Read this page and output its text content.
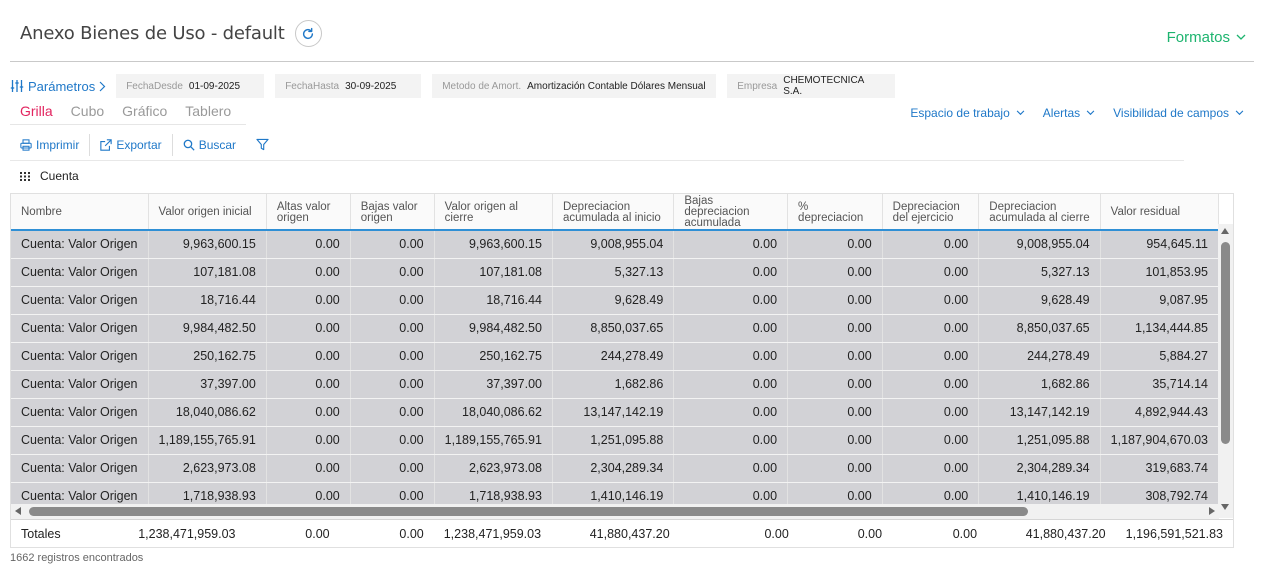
Anexo Bienes de Uso - default	Formatos
Parámetros	FechaDesde 01-09-2025	FechaHasta 30-09-2025	Metodo de Amort. Amortización Contable Dólares Mensual	Empresa CHEMOTECNICA S.A.
Grilla Cubo Gráfico Tablero	Espacio de trabajo	Alertas	Visibilidad de campos
Imprimir	Exportar	Buscar
Cuenta
Nombre	Valor origen inicial	Altas valor origen	Bajas valor origen	Valor origen al cierre	Depreciacion acumulada al inicio	Bajas depreciacion acumulada	% depreciacion	Depreciacion del ejercicio	Depreciacion acumulada al cierre	Valor residual
Cuenta: Valor Origen	9,963,600.15	0.00	0.00	9,963,600.15	9,008,955.04	0.00	0.00	0.00	9,008,955.04	954,645.11
Cuenta: Valor Origen	107,181.08	0.00	0.00	107,181.08	5,327.13	0.00	0.00	0.00	5,327.13	101,853.95
Cuenta: Valor Origen	18,716.44	0.00	0.00	18,716.44	9,628.49	0.00	0.00	0.00	9,628.49	9,087.95
Cuenta: Valor Origen	9,984,482.50	0.00	0.00	9,984,482.50	8,850,037.65	0.00	0.00	0.00	8,850,037.65	1,134,444.85
Cuenta: Valor Origen	250,162.75	0.00	0.00	250,162.75	244,278.49	0.00	0.00	0.00	244,278.49	5,884.27
Cuenta: Valor Origen	37,397.00	0.00	0.00	37,397.00	1,682.86	0.00	0.00	0.00	1,682.86	35,714.14
Cuenta: Valor Origen	18,040,086.62	0.00	0.00	18,040,086.62	13,147,142.19	0.00	0.00	0.00	13,147,142.19	4,892,944.43
Cuenta: Valor Origen	1,189,155,765.91	0.00	0.00	1,189,155,765.91	1,251,095.88	0.00	0.00	0.00	1,251,095.88	1,187,904,670.03
Cuenta: Valor Origen	2,623,973.08	0.00	0.00	2,623,973.08	2,304,289.34	0.00	0.00	0.00	2,304,289.34	319,683.74
Cuenta: Valor Origen	1,718,938.93	0.00	0.00	1,718,938.93	1,410,146.19	0.00	0.00	0.00	1,410,146.19	308,792.74
Totales	1,238,471,959.03	0.00	0.00	1,238,471,959.03	41,880,437.20	0.00	0.00	0.00	41,880,437.20	1,196,591,521.83
1662 registros encontrados
